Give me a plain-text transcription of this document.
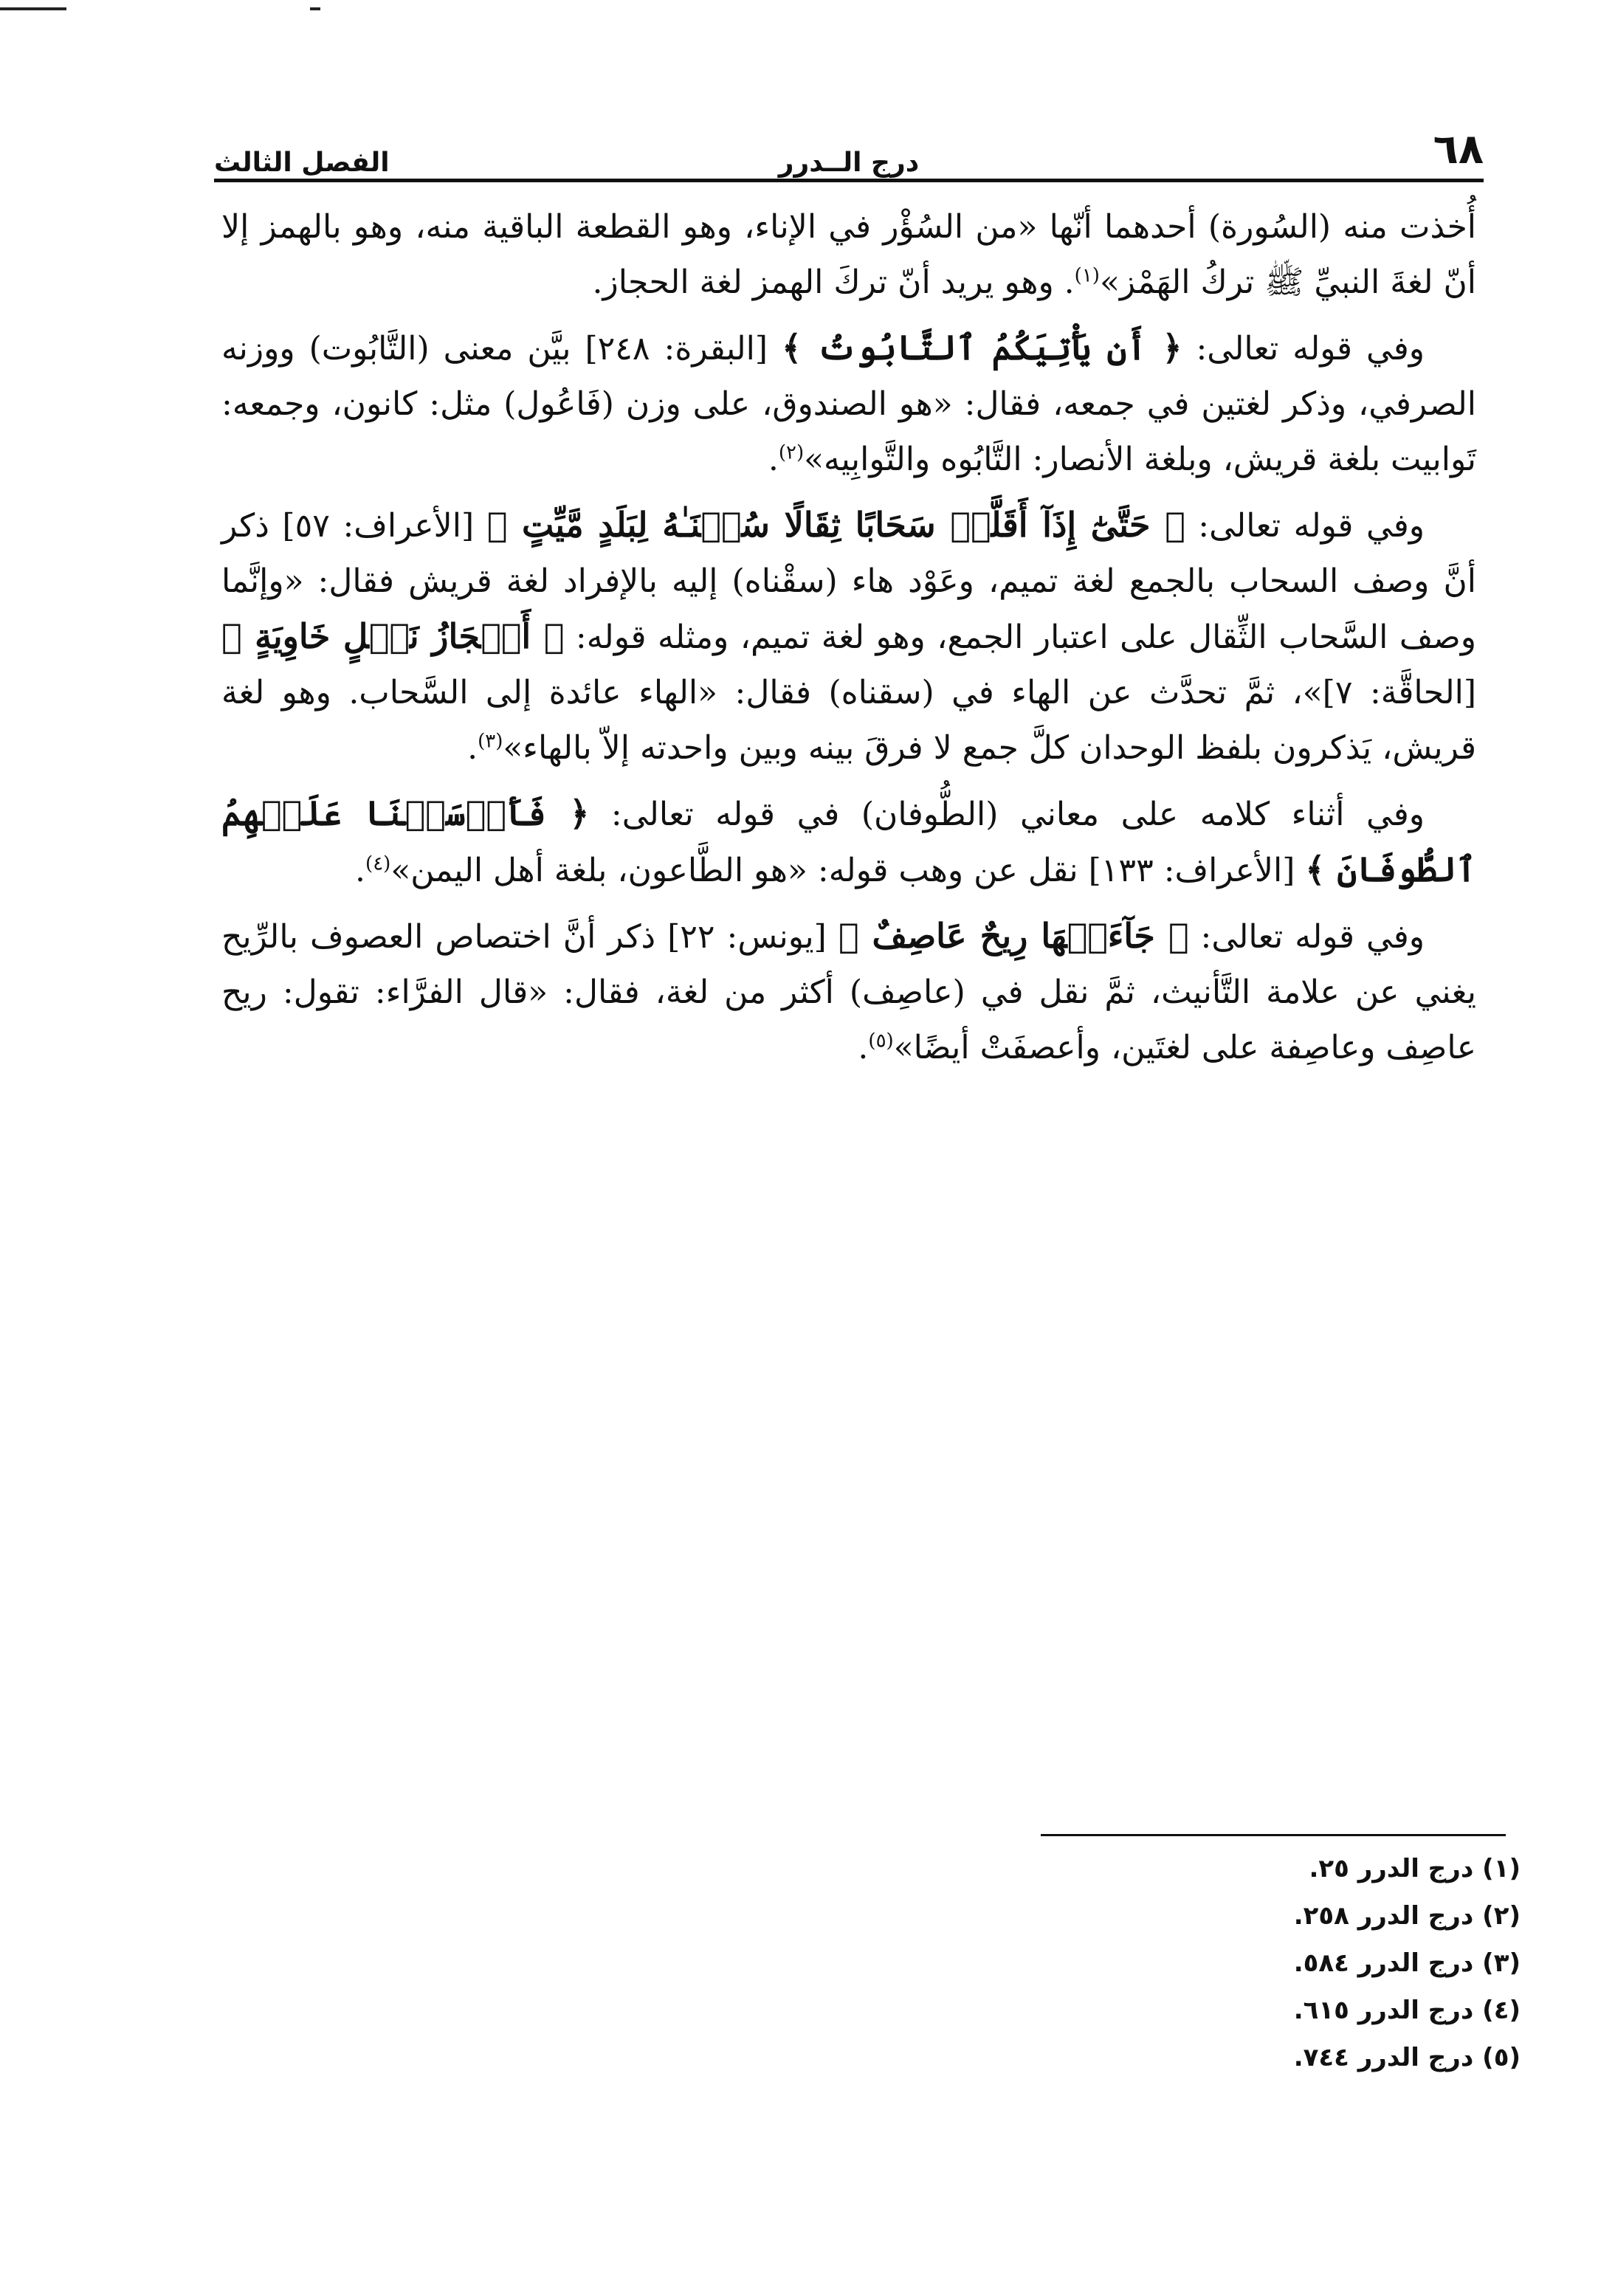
٦٨
درج الــدرر
الفصل الثالث

أُخذت منه (السُورة) أحدهما أنّها «من السُؤْر في الإناء، وهو القطعة الباقية منه، وهو بالهمز إلا أنّ لغةَ النبيِّ ﷺ تركُ الهَمْز»$^{(١)}$. وهو يريد أنّ تركَ الهمز لغة الحجاز.

وفي قوله تعالى: ﴿ أَن يَأْتِيَكُمُ ٱلتَّابُوتُ ﴾ [البقرة: ٢٤٨] بيَّن معنى (التَّابُوت) ووزنه الصرفي، وذكر لغتين في جمعه، فقال: «هو الصندوق، على وزن (فَاعُول) مثل: كانون، وجمعه: تَوابيت بلغة قريش، وبلغة الأنصار: التَّابُوه والتَّوابِيه»$^{(٢)}$.

وفي قوله تعالى: ﴿ حَتَّىٰٓ إِذَآ أَقَلَّتۡ سَحَابًا ثِقَالًا سُقۡنَـٰهُ لِبَلَدٍ مَّيِّتٍ ﴾ [الأعراف: ٥٧] ذكر أنَّ وصف السحاب بالجمع لغة تميم، وعَوْد هاء (سقْناه) إليه بالإفراد لغة قريش فقال: «وإنَّما وصف السَّحاب الثِّقال على اعتبار الجمع، وهو لغة تميم، ومثله قوله: ﴿ أَعۡجَازُ نَخۡلٍ خَاوِيَةٍ ﴾ [الحاقَّة: ٧]»، ثمَّ تحدَّث عن الهاء في (سقناه) فقال: «الهاء عائدة إلى السَّحاب. وهو لغة قريش، يَذكرون بلفظ الوحدان كلَّ جمع لا فرقَ بينه وبين واحدته إلاّ بالهاء»$^{(٣)}$.

وفي أثناء كلامه على معاني (الطُّوفان) في قوله تعالى: ﴿ فَأَرۡسَلۡنَا عَلَيۡهِمُ ٱلطُّوفَانَ ﴾ [الأعراف: ١٣٣] نقل عن وهب قوله: «هو الطَّاعون، بلغة أهل اليمن»$^{(٤)}$.

وفي قوله تعالى: ﴿ جَآءَتۡهَا رِيحٌ عَاصِفٌ ﴾ [يونس: ٢٢] ذكر أنَّ اختصاص العصوف بالرِّيح يغني عن علامة التَّأنيث، ثمَّ نقل في (عاصِف) أكثر من لغة، فقال: «قال الفرَّاء: تقول: ريح عاصِف وعاصِفة على لغتَين، وأعصفَتْ أيضًا»$^{(٥)}$.

(١) درج الدرر ٢٥.
(٢) درج الدرر ٢٥٨.
(٣) درج الدرر ٥٨٤.
(٤) درج الدرر ٦١٥.
(٥) درج الدرر ٧٤٤.
